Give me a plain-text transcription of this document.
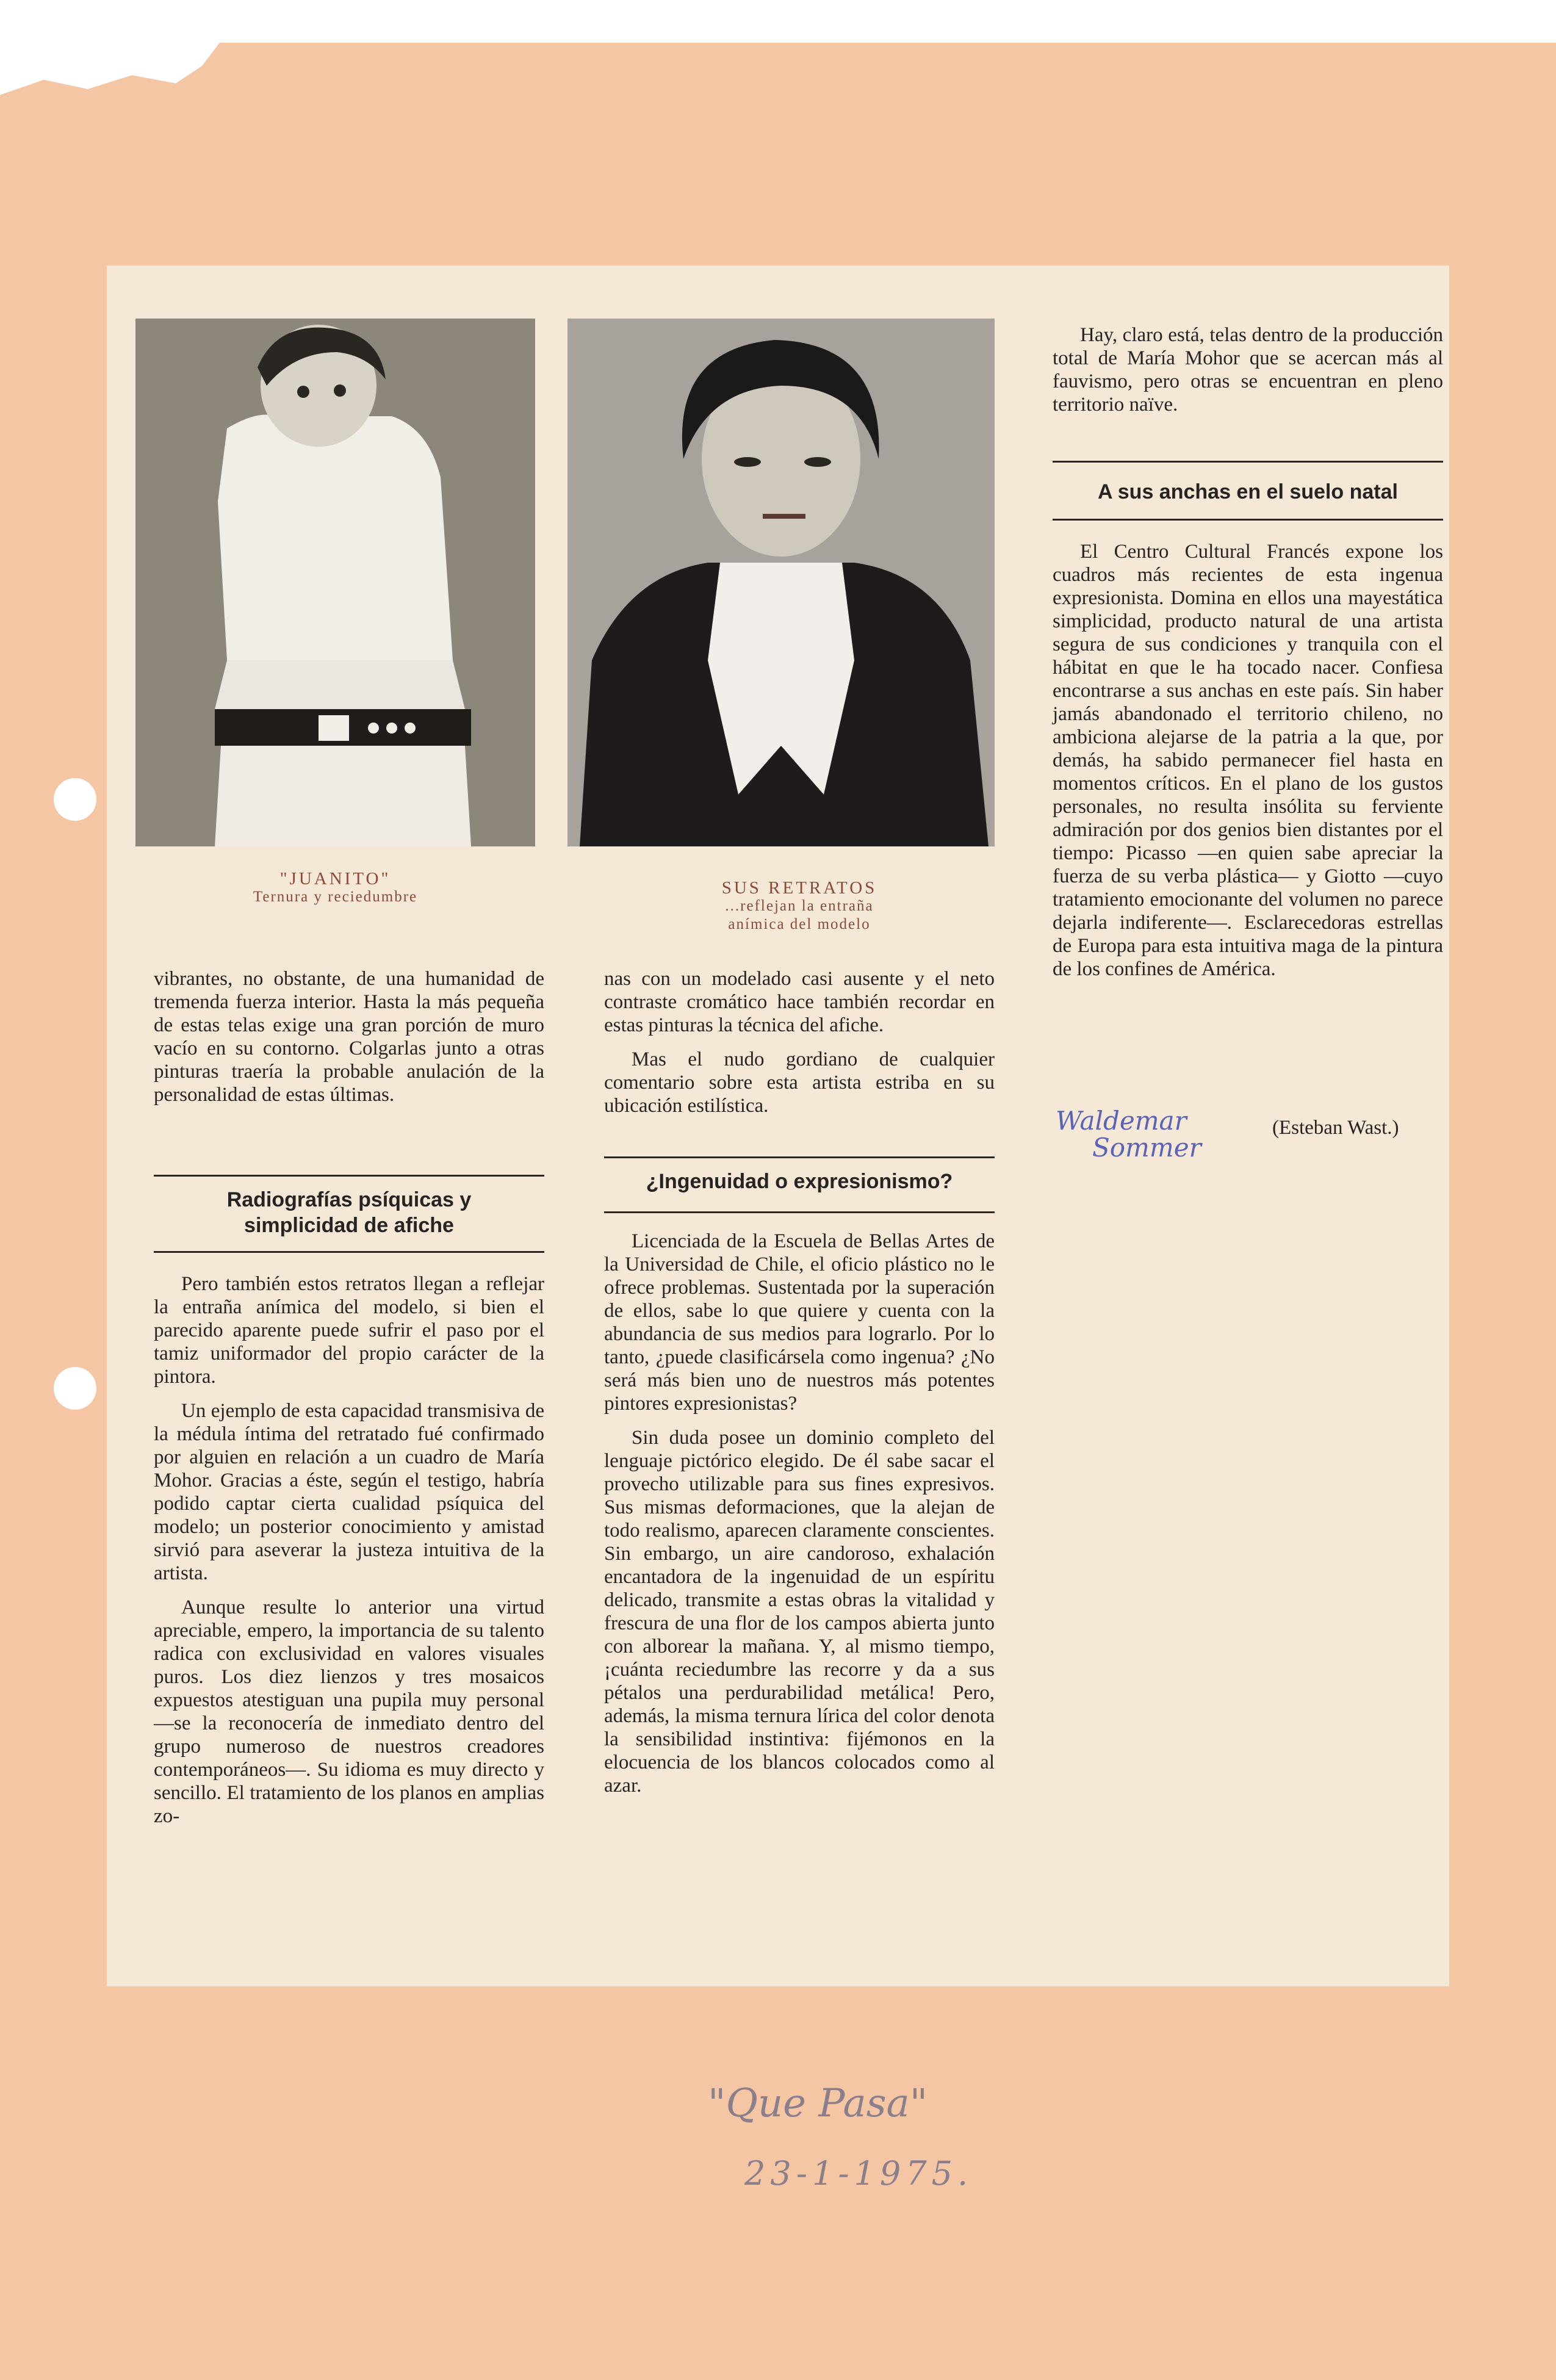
"JUANITO"
Ternura y reciedumbre	SUS RETRATOS
...reflejan la entraña
anímica del modelo

vibrantes, no obstante, de una humanidad de tremenda fuerza interior. Hasta la más pequeña de estas telas exige una gran porción de muro vacío en su contorno. Colgarlas junto a otras pinturas traería la probable anulación de la personalidad de estas últimas.

Radiografías psíquicas y
simplicidad de afiche

Pero también estos retratos llegan a reflejar la entraña anímica del modelo, si bien el parecido aparente puede sufrir el paso por el tamiz uniformador del propio carácter de la pintora.

Un ejemplo de esta capacidad transmisiva de la médula íntima del retratado fué confirmado por alguien en relación a un cuadro de María Mohor. Gracias a éste, según el testigo, habría podido captar cierta cualidad psíquica del modelo; un posterior conocimiento y amistad sirvió para aseverar la justeza intuitiva de la artista.

Aunque resulte lo anterior una virtud apreciable, empero, la importancia de su talento radica con exclusividad en valores visuales puros. Los diez lienzos y tres mosaicos expuestos atestiguan una pupila muy personal —se la reconocería de inmediato dentro del grupo numeroso de nuestros creadores contemporáneos—. Su idioma es muy directo y sencillo. El tratamiento de los planos en amplias zo-

nas con un modelado casi ausente y el neto contraste cromático hace también recordar en estas pinturas la técnica del afiche.

Mas el nudo gordiano de cualquier comentario sobre esta artista estriba en su ubicación estilística.

¿Ingenuidad o expresionismo?

Licenciada de la Escuela de Bellas Artes de la Universidad de Chile, el oficio plástico no le ofrece problemas. Sustentada por la superación de ellos, sabe lo que quiere y cuenta con la abundancia de sus medios para lograrlo. Por lo tanto, ¿puede clasificársela como ingenua? ¿No será más bien uno de nuestros más potentes pintores expresionistas?

Sin duda posee un dominio completo del lenguaje pictórico elegido. De él sabe sacar el provecho utilizable para sus fines expresivos. Sus mismas deformaciones, que la alejan de todo realismo, aparecen claramente conscientes. Sin embargo, un aire candoroso, exhalación encantadora de la ingenuidad de un espíritu delicado, transmite a estas obras la vitalidad y frescura de una flor de los campos abierta junto con alborear la mañana. Y, al mismo tiempo, ¡cuánta reciedumbre las recorre y da a sus pétalos una perdurabilidad metálica! Pero, además, la misma ternura lírica del color denota la sensibilidad instintiva: fijémonos en la elocuencia de los blancos colocados como al azar.

Hay, claro está, telas dentro de la producción total de María Mohor que se acercan más al fauvismo, pero otras se encuentran en pleno territorio naïve.

A sus anchas en el suelo natal

El Centro Cultural Francés expone los cuadros más recientes de esta ingenua expresionista. Domina en ellos una mayestática simplicidad, producto natural de una artista segura de sus condiciones y tranquila con el hábitat en que le ha tocado nacer. Confiesa encontrarse a sus anchas en este país. Sin haber jamás abandonado el territorio chileno, no ambiciona alejarse de la patria a la que, por demás, ha sabido permanecer fiel hasta en momentos críticos. En el plano de los gustos personales, no resulta insólita su ferviente admiración por dos genios bien distantes por el tiempo: Picasso —en quien sabe apreciar la fuerza de su verba plástica— y Giotto —cuyo tratamiento emocionante del volumen no parece dejarla indiferente—. Esclarecedoras estrellas de Europa para esta intuitiva maga de la pintura de los confines de América.

Waldemar
Sommer
(Esteban Wast.)
"Que Pasa"
23-1-1975.
